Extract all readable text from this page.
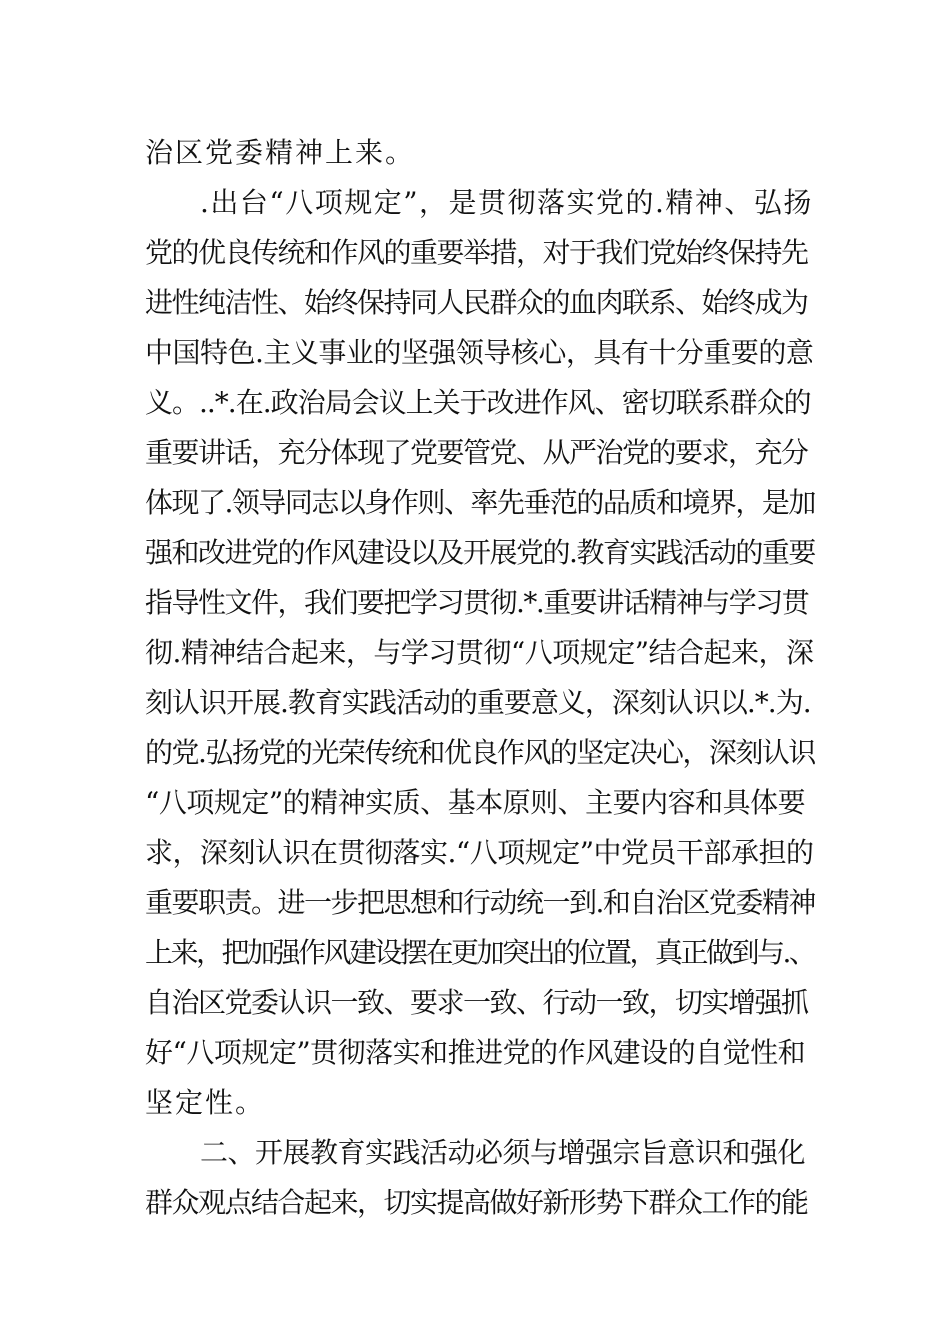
治区党委精神上来。
.出台“八项规定”，是贯彻落实党的.精神、弘扬
党的优良传统和作风的重要举措，对于我们党始终保持先
进性纯洁性、始终保持同人民群众的血肉联系、始终成为
中国特色.主义事业的坚强领导核心，具有十分重要的意
义。..*.在.政治局会议上关于改进作风、密切联系群众的
重要讲话，充分体现了党要管党、从严治党的要求，充分
体现了.领导同志以身作则、率先垂范的品质和境界，是加
强和改进党的作风建设以及开展党的.教育实践活动的重要
指导性文件，我们要把学习贯彻.*.重要讲话精神与学习贯
彻.精神结合起来，与学习贯彻“八项规定”结合起来，深
刻认识开展.教育实践活动的重要意义，深刻认识以.*.为.
的党.弘扬党的光荣传统和优良作风的坚定决心，深刻认识
“八项规定”的精神实质、基本原则、主要内容和具体要
求，深刻认识在贯彻落实.“八项规定”中党员干部承担的
重要职责。进一步把思想和行动统一到.和自治区党委精神
上来，把加强作风建设摆在更加突出的位置，真正做到与.、
自治区党委认识一致、要求一致、行动一致，切实增强抓
好“八项规定”贯彻落实和推进党的作风建设的自觉性和
坚定性。
二、开展教育实践活动必须与增强宗旨意识和强化
群众观点结合起来，切实提高做好新形势下群众工作的能
